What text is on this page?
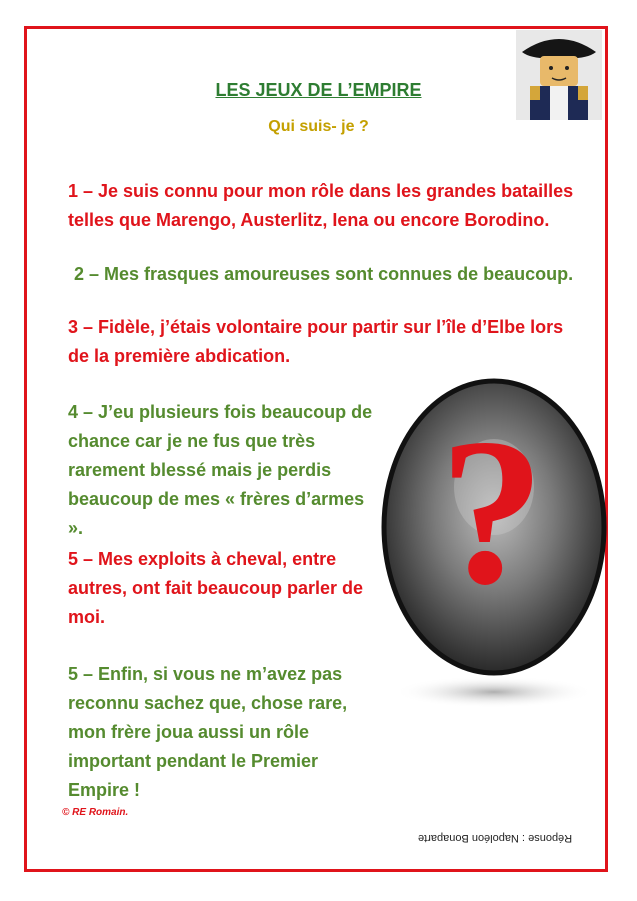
LES JEUX DE L’EMPIRE
Qui suis- je ?
1 – Je suis connu pour mon rôle dans les grandes batailles telles que Marengo, Austerlitz, Iena ou encore Borodino.
2 – Mes frasques amoureuses sont connues de beaucoup.
3 – Fidèle, j’étais volontaire pour partir sur l’île d’Elbe lors de la première abdication.
4 – J’eu plusieurs fois beaucoup de chance car je ne fus que très rarement blessé mais je perdis beaucoup de mes « frères d’armes ».
5 – Mes exploits à cheval, entre autres, ont fait beaucoup parler de moi.
5 – Enfin, si vous ne m’avez pas reconnu sachez que, chose rare, mon frère joua aussi un rôle important pendant le Premier Empire !
?
© RE Romain.
Réponse : Napoléon Bonaparte
